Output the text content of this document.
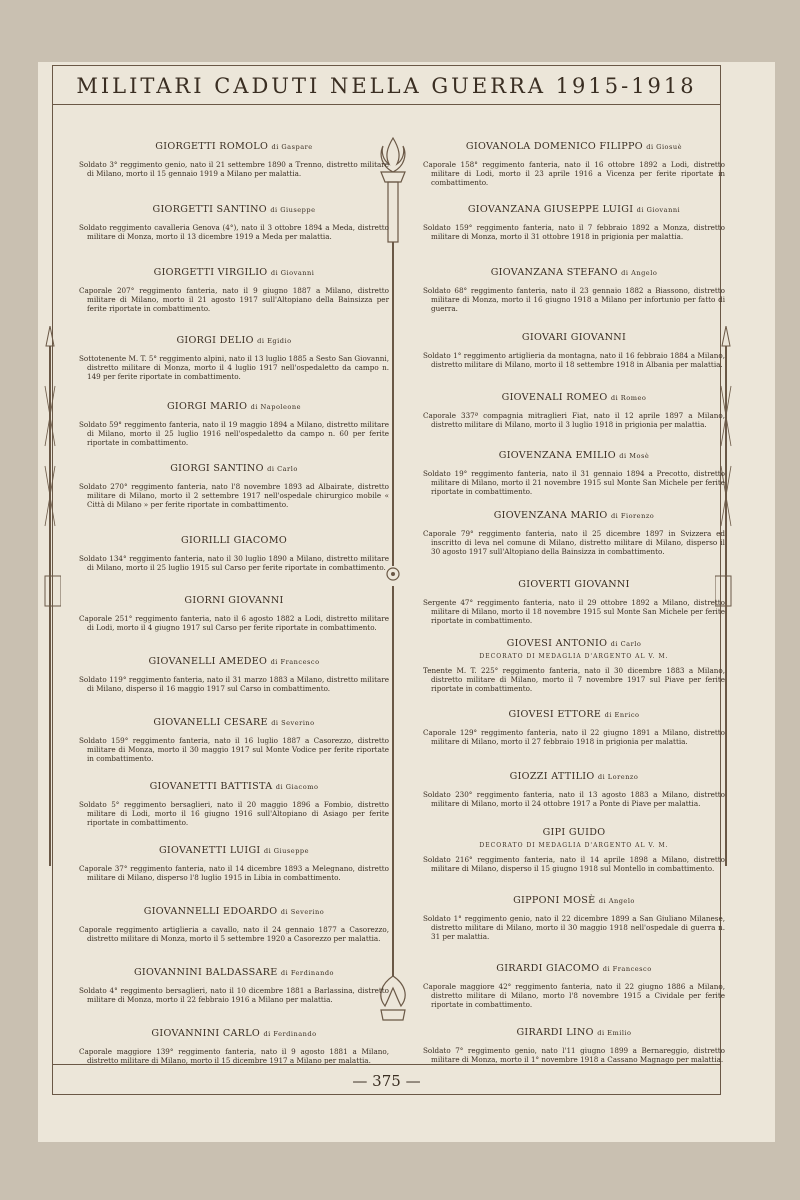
MILITARI CADUTI NELLA GUERRA 1915-1918
GIORGETTI ROMOLO di Gaspare
Soldato 3° reggimento genio, nato il 21 settembre 1890 a Trenno, distretto militare di Milano, morto il 15 gennaio 1919 a Milano per malattia.
GIORGETTI SANTINO di Giuseppe
Soldato reggimento cavalleria Genova (4°), nato il 3 ottobre 1894 a Meda, distretto militare di Monza, morto il 13 dicembre 1919 a Meda per malattia.
GIORGETTI VIRGILIO di Giovanni
Caporale 207° reggimento fanteria, nato il 9 giugno 1887 a Milano, distretto militare di Milano, morto il 21 agosto 1917 sull'Altopiano della Bainsizza per ferite riportate in combattimento.
GIORGI DELIO di Egidio
Sottotenente M. T. 5° reggimento alpini, nato il 13 luglio 1885 a Sesto San Giovanni, distretto militare di Monza, morto il 4 luglio 1917 nell'ospedaletto da campo n. 149 per ferite riportate in combattimento.
GIORGI MARIO di Napoleone
Soldato 59° reggimento fanteria, nato il 19 maggio 1894 a Milano, distretto militare di Milano, morto il 25 luglio 1916 nell'ospedaletto da campo n. 60 per ferite riportate in combattimento.
GIORGI SANTINO di Carlo
Soldato 270° reggimento fanteria, nato l'8 novembre 1893 ad Albairate, distretto militare di Milano, morto il 2 settembre 1917 nell'ospedale chirurgico mobile « Città di Milano » per ferite riportate in combattimento.
GIORILLI GIACOMO
Soldato 134° reggimento fanteria, nato il 30 luglio 1890 a Milano, distretto militare di Milano, morto il 25 luglio 1915 sul Carso per ferite riportate in combattimento.
GIORNI GIOVANNI
Caporale 251° reggimento fanteria, nato il 6 agosto 1882 a Lodi, distretto militare di Lodi, morto il 4 giugno 1917 sul Carso per ferite riportate in combattimento.
GIOVANELLI AMEDEO di Francesco
Soldato 119° reggimento fanteria, nato il 31 marzo 1883 a Milano, distretto militare di Milano, disperso il 16 maggio 1917 sul Carso in combattimento.
GIOVANELLI CESARE di Severino
Soldato 159° reggimento fanteria, nato il 16 luglio 1887 a Casorezzo, distretto militare di Monza, morto il 30 maggio 1917 sul Monte Vodice per ferite riportate in combattimento.
GIOVANETTI BATTISTA di Giacomo
Soldato 5° reggimento bersaglieri, nato il 20 maggio 1896 a Fombio, distretto militare di Lodi, morto il 16 giugno 1916 sull'Altopiano di Asiago per ferite riportate in combattimento.
GIOVANETTI LUIGI di Giuseppe
Caporale 37° reggimento fanteria, nato il 14 dicembre 1893 a Melegnano, distretto militare di Milano, disperso l'8 luglio 1915 in Libia in combattimento.
GIOVANNELLI EDOARDO di Severino
Caporale reggimento artiglieria a cavallo, nato il 24 gennaio 1877 a Casorezzo, distretto militare di Monza, morto il 5 settembre 1920 a Casorezzo per malattia.
GIOVANNINI BALDASSARE di Ferdinando
Soldato 4° reggimento bersaglieri, nato il 10 dicembre 1881 a Barlassina, distretto militare di Monza, morto il 22 febbraio 1916 a Milano per malattia.
GIOVANNINI CARLO di Ferdinando
Caporale maggiore 139° reggimento fanteria, nato il 9 agosto 1881 a Milano, distretto militare di Milano, morto il 15 dicembre 1917 a Milano per malattia.
GIOVANOLA DOMENICO FILIPPO di Giosuè
Caporale 158° reggimento fanteria, nato il 16 ottobre 1892 a Lodi, distretto militare di Lodi, morto il 23 aprile 1916 a Vicenza per ferite riportate in combattimento.
GIOVANZANA GIUSEPPE LUIGI di Giovanni
Soldato 159° reggimento fanteria, nato il 7 febbraio 1892 a Monza, distretto militare di Monza, morto il 31 ottobre 1918 in prigionia per malattia.
GIOVANZANA STEFANO di Angelo
Soldato 68° reggimento fanteria, nato il 23 gennaio 1882 a Biassono, distretto militare di Monza, morto il 16 giugno 1918 a Milano per infortunio per fatto di guerra.
GIOVARI GIOVANNI
Soldato 1° reggimento artiglieria da montagna, nato il 16 febbraio 1884 a Milano, distretto militare di Milano, morto il 18 settembre 1918 in Albania per malattia.
GIOVENALI ROMEO di Romeo
Caporale 337ª compagnia mitraglieri Fiat, nato il 12 aprile 1897 a Milano, distretto militare di Milano, morto il 3 luglio 1918 in prigionia per malattia.
GIOVENZANA EMILIO di Mosè
Soldato 19° reggimento fanteria, nato il 31 gennaio 1894 a Precotto, distretto militare di Milano, morto il 21 novembre 1915 sul Monte San Michele per ferite riportate in combattimento.
GIOVENZANA MARIO di Fiorenzo
Caporale 79° reggimento fanteria, nato il 25 dicembre 1897 in Svizzera ed inscritto di leva nel comune di Milano, distretto militare di Milano, disperso il 30 agosto 1917 sull'Altopiano della Bainsizza in combattimento.
GIOVERTI GIOVANNI
Sergente 47° reggimento fanteria, nato il 29 ottobre 1892 a Milano, distretto militare di Milano, morto il 18 novembre 1915 sul Monte San Michele per ferite riportate in combattimento.
GIOVESI ANTONIO di Carlo
DECORATO DI MEDAGLIA D'ARGENTO AL V. M.
Tenente M. T. 225° reggimento fanteria, nato il 30 dicembre 1883 a Milano, distretto militare di Milano, morto il 7 novembre 1917 sul Piave per ferite riportate in combattimento.
GIOVESI ETTORE di Enrico
Caporale 129° reggimento fanteria, nato il 22 giugno 1891 a Milano, distretto militare di Milano, morto il 27 febbraio 1918 in prigionia per malattia.
GIOZZI ATTILIO di Lorenzo
Soldato 230° reggimento fanteria, nato il 13 agosto 1883 a Milano, distretto militare di Milano, morto il 24 ottobre 1917 a Ponte di Piave per malattia.
GIPI GUIDO
DECORATO DI MEDAGLIA D'ARGENTO AL V. M.
Soldato 216° reggimento fanteria, nato il 14 aprile 1898 a Milano, distretto militare di Milano, disperso il 15 giugno 1918 sul Montello in combattimento.
GIPPONI MOSÈ di Angelo
Soldato 1° reggimento genio, nato il 22 dicembre 1899 a San Giuliano Milanese, distretto militare di Milano, morto il 30 maggio 1918 nell'ospedale di guerra n. 31 per malattia.
GIRARDI GIACOMO di Francesco
Caporale maggiore 42° reggimento fanteria, nato il 22 giugno 1886 a Milano, distretto militare di Milano, morto l'8 novembre 1915 a Cividale per ferite riportate in combattimento.
GIRARDI LINO di Emilio
Soldato 7° reggimento genio, nato l'11 giugno 1899 a Bernareggio, distretto militare di Monza, morto il 1° novembre 1918 a Cassano Magnago per malattia.
— 375 —
